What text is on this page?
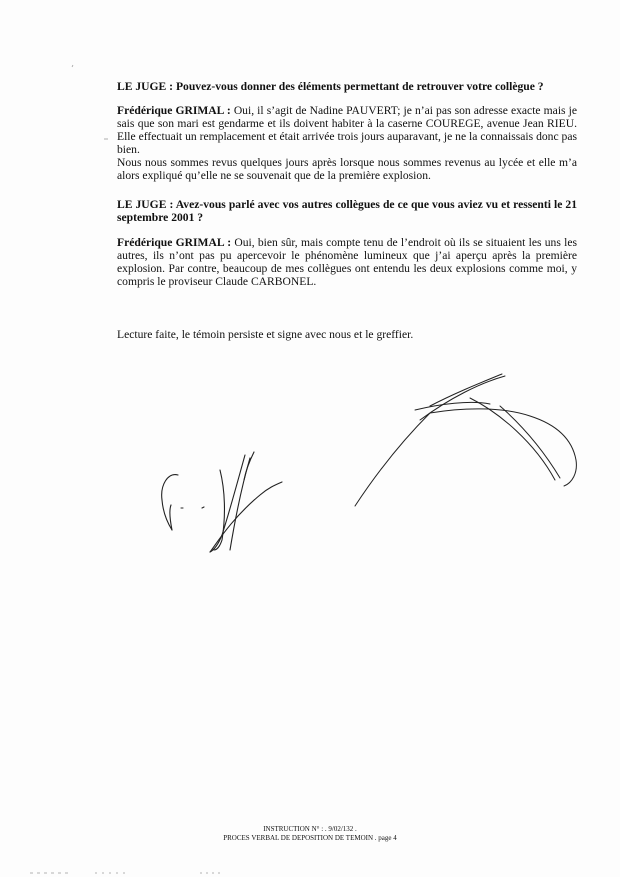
LE JUGE : Pouvez-vous donner des éléments permettant de retrouver votre collègue ?

Frédérique GRIMAL : Oui, il s’agit de Nadine PAUVERT; je n’ai pas son adresse exacte mais je sais que son mari est gendarme et ils doivent habiter à la caserne COUREGE, avenue Jean RIEU. Elle effectuait un remplacement et était arrivée trois jours auparavant, je ne la connaissais donc pas bien.
Nous nous sommes revus quelques jours après lorsque nous sommes revenus au lycée et elle m’a alors expliqué qu’elle ne se souvenait que de la première explosion.

LE JUGE : Avez-vous parlé avec vos autres collègues de ce que vous aviez vu et ressenti le 21 septembre 2001 ?

Frédérique GRIMAL : Oui, bien sûr, mais compte tenu de l’endroit où ils se situaient les uns les autres, ils n’ont pas pu apercevoir le phénomène lumineux que j’ai aperçu après la première explosion. Par contre, beaucoup de mes collègues ont entendu les deux explosions comme moi, y compris le proviseur Claude CARBONEL.

Lecture faite, le témoin persiste et signe avec nous et le greffier.

INSTRUCTION N° : . 9/02/132 .
PROCES VERBAL DE DEPOSITION DE TEMOIN . page 4
